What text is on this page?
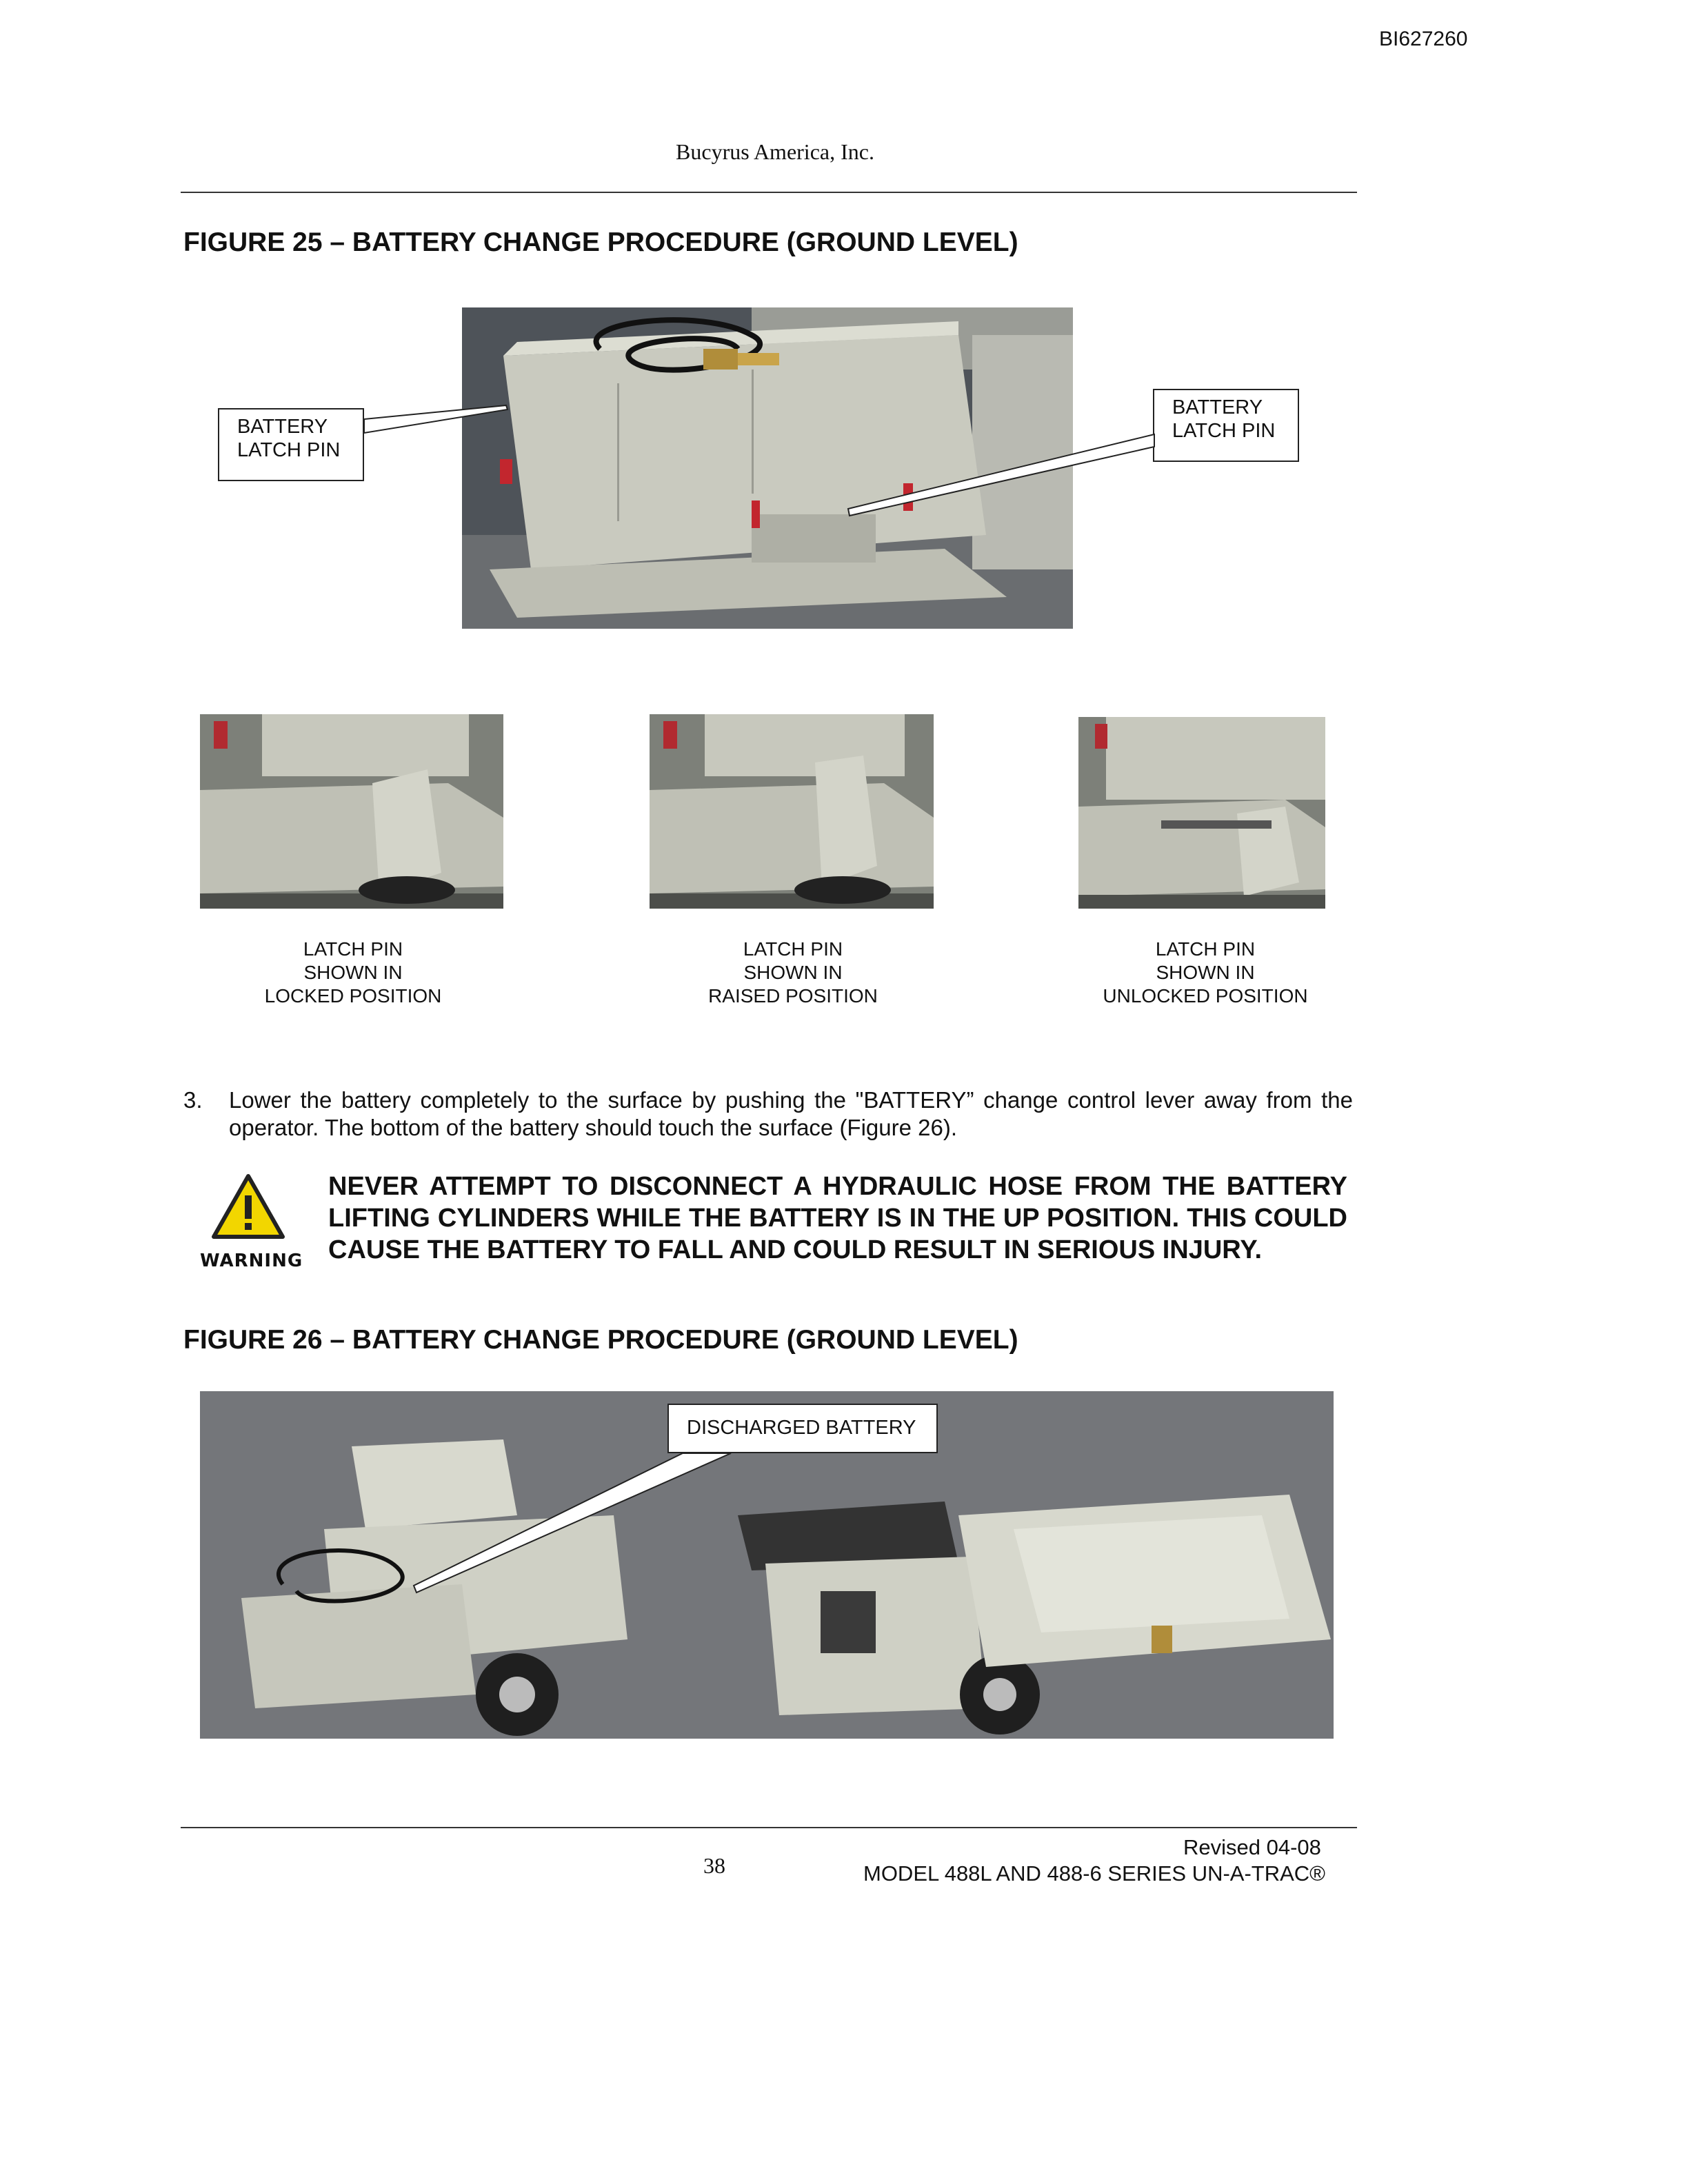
BI627260
Bucyrus America, Inc.
FIGURE 25 – BATTERY CHANGE PROCEDURE (GROUND LEVEL)
BATTERY
LATCH PIN
BATTERY
LATCH PIN
LATCH PIN
SHOWN IN
LOCKED POSITION
LATCH PIN
SHOWN IN
RAISED POSITION
LATCH PIN
SHOWN IN
UNLOCKED POSITION
3. Lower the battery completely to the surface by pushing the "BATTERY” change control lever away from the operator. The bottom of the battery should touch the surface (Figure 26).
WARNING
NEVER ATTEMPT TO DISCONNECT A HYDRAULIC HOSE FROM THE BATTERY LIFTING CYLINDERS WHILE THE BATTERY IS IN THE UP POSITION. THIS COULD CAUSE THE BATTERY TO FALL AND COULD RESULT IN SERIOUS INJURY.
FIGURE 26 – BATTERY CHANGE PROCEDURE (GROUND LEVEL)
DISCHARGED BATTERY
38
Revised 04-08
MODEL 488L AND 488-6 SERIES UN-A-TRAC®
